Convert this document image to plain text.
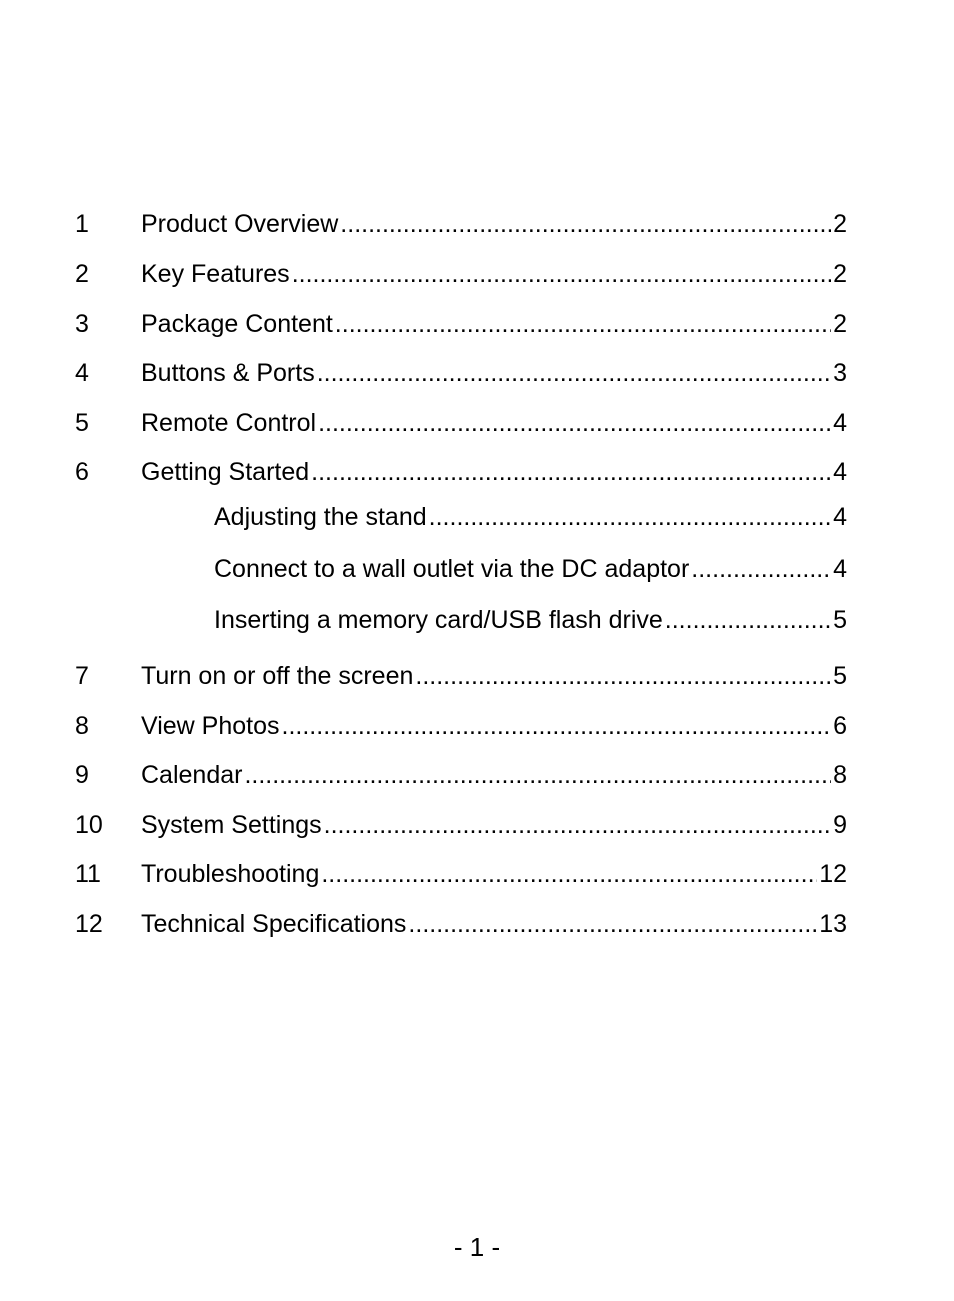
1 Product Overview .....	2
2 Key Features .....	2
3 Package Content .....	2
4 Buttons & Ports .....	3
5 Remote Control .....	4
6 Getting Started .....	4
Adjusting the stand .....	4
Connect to a wall outlet via the DC adaptor .....	4
Inserting a memory card/USB flash drive .....	5
7 Turn on or off the screen .....	5
8 View Photos .....	6
9 Calendar .....	8
10 System Settings .....	9
11 Troubleshooting .....	12
12 Technical Specifications .....	13
- 1 -
